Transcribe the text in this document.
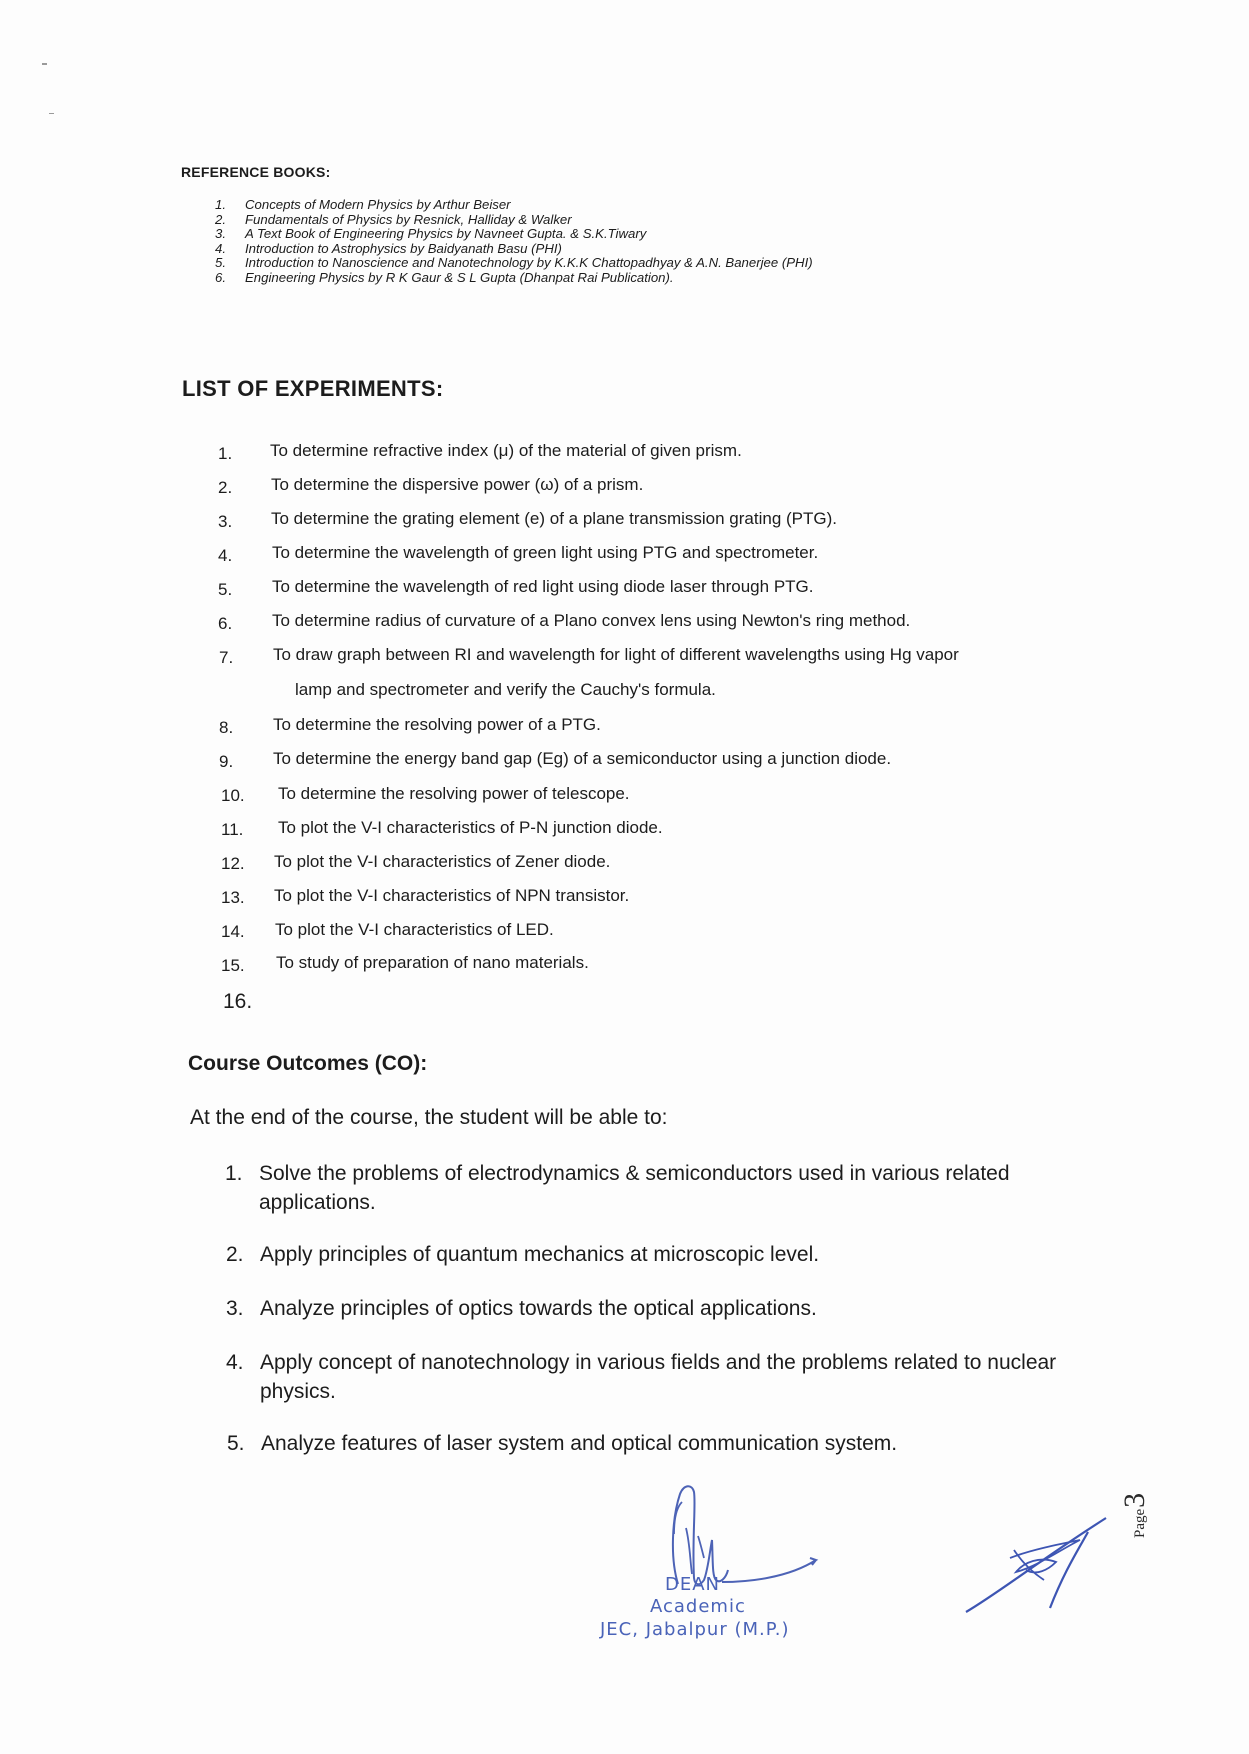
REFERENCE BOOKS:
1. Concepts of Modern Physics by Arthur Beiser
2. Fundamentals of Physics by Resnick, Halliday & Walker
3. A Text Book of Engineering Physics by Navneet Gupta. & S.K.Tiwary
4. Introduction to Astrophysics by Baidyanath Basu (PHI)
5. Introduction to Nanoscience and Nanotechnology by K.K.K Chattopadhyay & A.N. Banerjee (PHI)
6. Engineering Physics by R K Gaur & S L Gupta (Dhanpat Rai Publication).
LIST OF EXPERIMENTS:
1. To determine refractive index (μ) of the material of given prism.
2. To determine the dispersive power (ω) of a prism.
3. To determine the grating element (e) of a plane transmission grating (PTG).
4. To determine the wavelength of green light using PTG and spectrometer.
5. To determine the wavelength of red light using diode laser through PTG.
6. To determine radius of curvature of a Plano convex lens using Newton's ring method.
7. To draw graph between RI and wavelength for light of different wavelengths using Hg vapor
lamp and spectrometer and verify the Cauchy's formula.
8. To determine the resolving power of a PTG.
9. To determine the energy band gap (Eg) of a semiconductor using a junction diode.
10. To determine the resolving power of telescope.
11. To plot the V-I characteristics of P-N junction diode.
12. To plot the V-I characteristics of Zener diode.
13. To plot the V-I characteristics of NPN transistor.
14. To plot the V-I characteristics of LED.
15. To study of preparation of nano materials.
16.
Course Outcomes (CO):
At the end of the course, the student will be able to:
1. Solve the problems of electrodynamics & semiconductors used in various related applications.
2. Apply principles of quantum mechanics at microscopic level.
3. Analyze principles of optics towards the optical applications.
4. Apply concept of nanotechnology in various fields and the problems related to nuclear physics.
5. Analyze features of laser system and optical communication system.
DEAN
Academic
JEC, Jabalpur (M.P.)
Page
3
